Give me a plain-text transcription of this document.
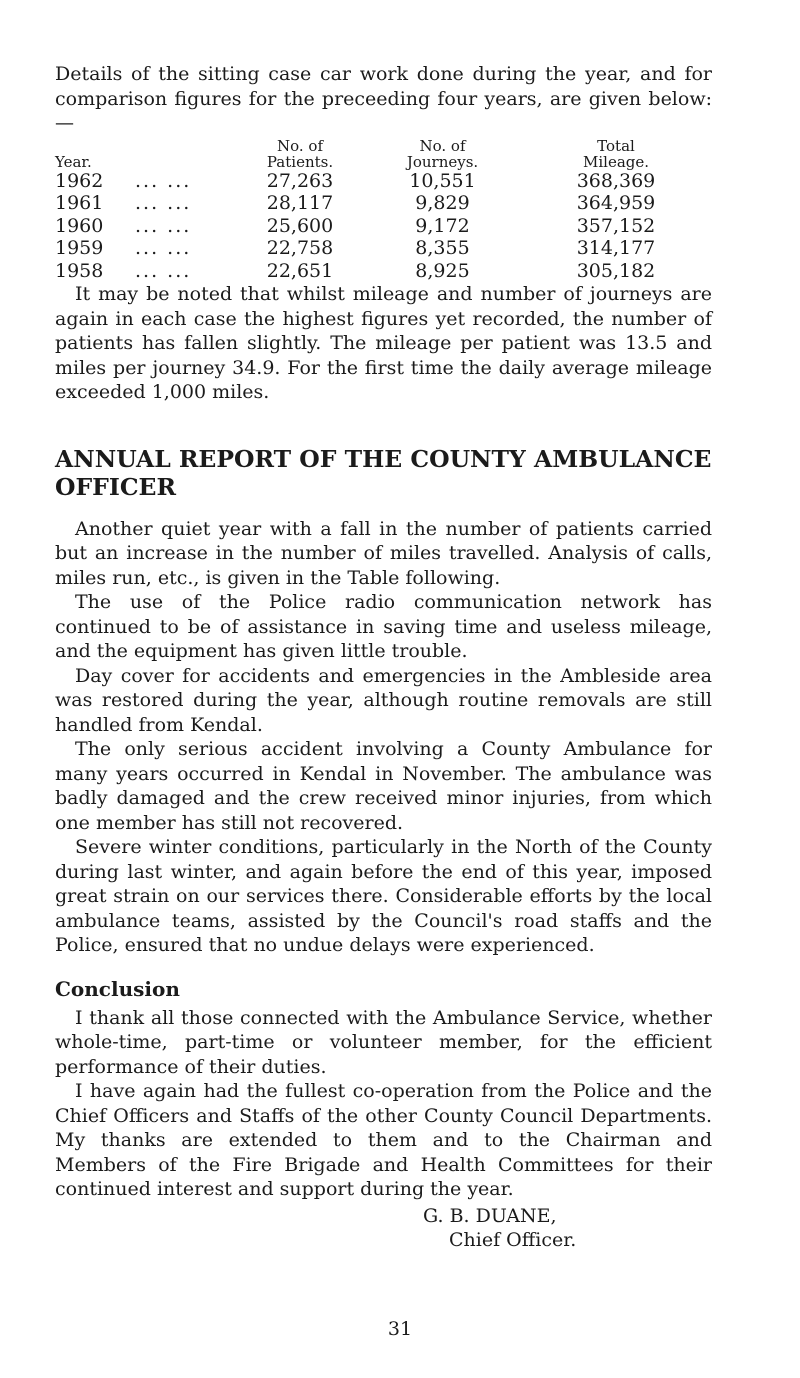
Details of the sitting case car work done during the year, and for comparison figures for the preceeding four years, are given below: —

		No. of	No. of	Total
Year.		Patients.	Journeys.	Mileage.
1962	... ...	27,263	10,551	368,369
1961	... ...	28,117	9,829	364,959
1960	... ...	25,600	9,172	357,152
1959	... ...	22,758	8,355	314,177
1958	... ...	22,651	8,925	305,182

It may be noted that whilst mileage and number of journeys are again in each case the highest figures yet recorded, the number of patients has fallen slightly. The mileage per patient was 13.5 and miles per journey 34.9. For the first time the daily average mileage exceeded 1,000 miles.

ANNUAL REPORT OF THE COUNTY AMBULANCE OFFICER

Another quiet year with a fall in the number of patients carried but an increase in the number of miles travelled. Analysis of calls, miles run, etc., is given in the Table following.

The use of the Police radio communication network has continued to be of assistance in saving time and useless mileage, and the equipment has given little trouble.

Day cover for accidents and emergencies in the Ambleside area was restored during the year, although routine removals are still handled from Kendal.

The only serious accident involving a County Ambulance for many years occurred in Kendal in November. The ambulance was badly damaged and the crew received minor injuries, from which one member has still not recovered.

Severe winter conditions, particularly in the North of the County during last winter, and again before the end of this year, imposed great strain on our services there. Considerable efforts by the local ambulance teams, assisted by the Council's road staffs and the Police, ensured that no undue delays were experienced.

Conclusion

I thank all those connected with the Ambulance Service, whether whole-time, part-time or volunteer member, for the efficient performance of their duties.

I have again had the fullest co-operation from the Police and the Chief Officers and Staffs of the other County Council Departments. My thanks are extended to them and to the Chairman and Members of the Fire Brigade and Health Committees for their continued interest and support during the year.

G. B. DUANE,
Chief Officer.
31
